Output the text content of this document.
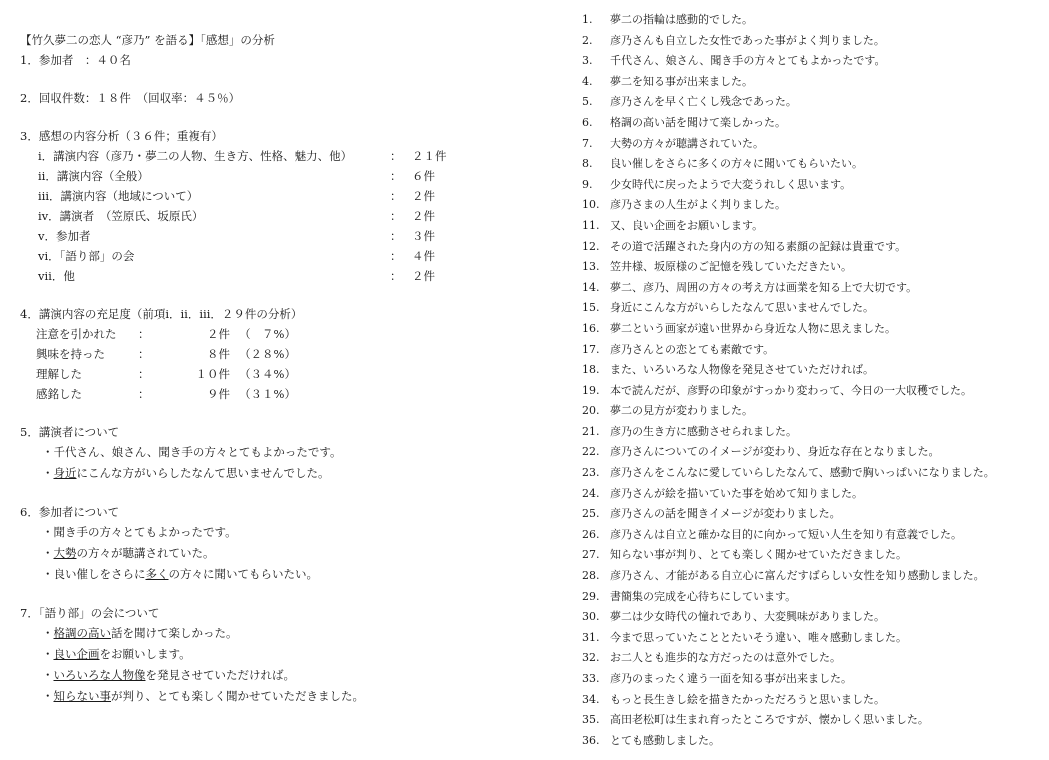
【竹久夢二の恋人 “彦乃” を語る】「感想」の分析
1．参加者　：４０名
2．回収件数：１８件　（回収率：４５％）
3．感想の内容分析（３６件；重複有）
ⅰ．講演内容（彦乃・夢二の人物、生き方、性格、魅力、他）	： ２１件
ⅱ．講演内容（全般）	： ６件
ⅲ．講演内容（地域について）	： ２件
ⅳ．講演者　（笠原氏、坂原氏）	： ２件
ⅴ．参加者	： ３件
ⅵ．「語り部」の会	： ４件
ⅶ．他	： ２件
4．講演内容の充足度（前項ⅰ．ⅱ．ⅲ．２９件の分析）
注意を引かれた	：	２件 （　７%）
興味を持った	：	８件 （２８%）
理解した	：	１０件 （３４%）
感銘した	：	９件 （３１%）
5．講演者について
・千代さん、娘さん、聞き手の方々とてもよかったです。
・身近にこんな方がいらしたなんて思いませんでした。
6．参加者について
・聞き手の方々とてもよかったです。
・大勢の方々が聴講されていた。
・良い催しをさらに多くの方々に聞いてもらいたい。
7．「語り部」の会について
・格調の高い話を聞けて楽しかった。
・良い企画をお願いします。
・いろいろな人物像を発見させていただければ。
・知らない事が判り、とても楽しく聞かせていただきました。
1.	夢二の指輪は感動的でした。
2.	彦乃さんも自立した女性であった事がよく判りました。
3.	千代さん、娘さん、聞き手の方々とてもよかったです。
4.	夢二を知る事が出来ました。
5.	彦乃さんを早く亡くし残念であった。
6.	格調の高い話を聞けて楽しかった。
7.	大勢の方々が聴講されていた。
8.	良い催しをさらに多くの方々に聞いてもらいたい。
9.	少女時代に戻ったようで大変うれしく思います。
10. 彦乃さまの人生がよく判りました。
11. 又、良い企画をお願いします。
12. その道で活躍された身内の方の知る素顔の記録は貴重です。
13. 笠井様、坂原様のご記憶を残していただきたい。
14. 夢二、彦乃、周囲の方々の考え方は画業を知る上で大切です。
15. 身近にこんな方がいらしたなんて思いませんでした。
16. 夢二という画家が遠い世界から身近な人物に思えました。
17. 彦乃さんとの恋とても素敵です。
18. また、いろいろな人物像を発見させていただければ。
19. 本で読んだが、彦野の印象がすっかり変わって、今日の一大収穫でした。
20. 夢二の見方が変わりました。
21. 彦乃の生き方に感動させられました。
22. 彦乃さんについてのイメージが変わり、身近な存在となりました。
23. 彦乃さんをこんなに愛していらしたなんて、感動で胸いっぱいになりました。
24. 彦乃さんが絵を描いていた事を始めて知りました。
25. 彦乃さんの話を聞きイメージが変わりました。
26. 彦乃さんは自立と確かな目的に向かって短い人生を知り有意義でした。
27. 知らない事が判り、とても楽しく聞かせていただきました。
28. 彦乃さん、才能がある自立心に富んだすばらしい女性を知り感動しました。
29. 書簡集の完成を心待ちにしています。
30. 夢二は少女時代の憧れであり、大変興味がありました。
31. 今まで思っていたこととたいそう違い、唯々感動しました。
32. お二人とも進歩的な方だったのは意外でした。
33. 彦乃のまったく違う一面を知る事が出来ました。
34. もっと長生きし絵を描きたかっただろうと思いました。
35. 高田老松町は生まれ育ったところですが、懐かしく思いました。
36. とても感動しました。
